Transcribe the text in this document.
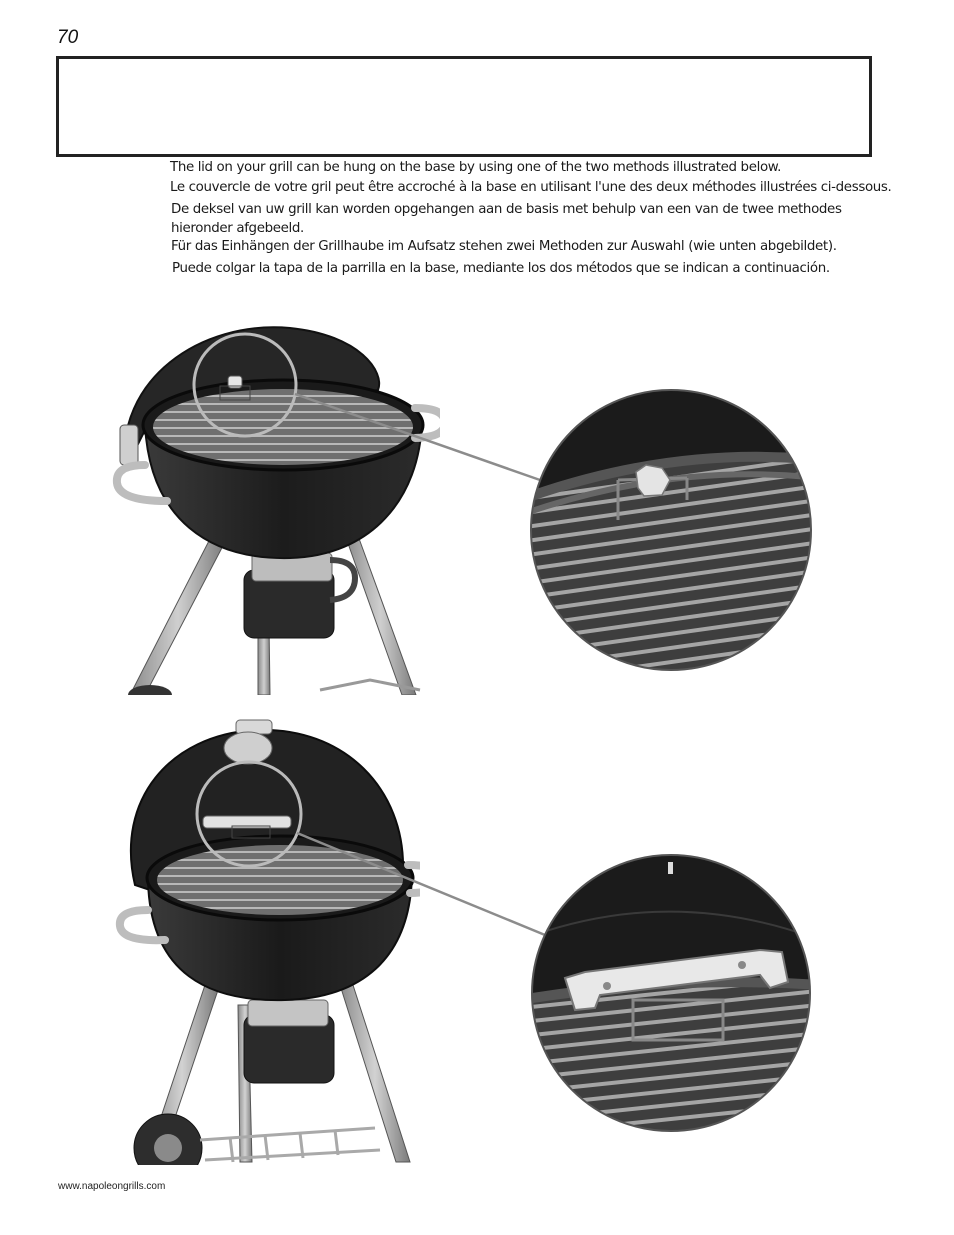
70
The lid on your grill can be hung on the base by using one of the two methods illustrated below.
Le couvercle de votre gril peut être accroché à la base en utilisant l'une des deux méthodes illustrées ci-dessous.
De deksel van uw grill kan worden opgehangen aan de basis met behulp van een van de twee methodes
hieronder afgebeeld.
Für das Einhängen der Grillhaube im Aufsatz stehen zwei Methoden zur Auswahl (wie unten abgebildet).
Puede colgar la tapa de la parrilla en la base, mediante los dos métodos que se indican a continuación.
www.napoleongrills.com
